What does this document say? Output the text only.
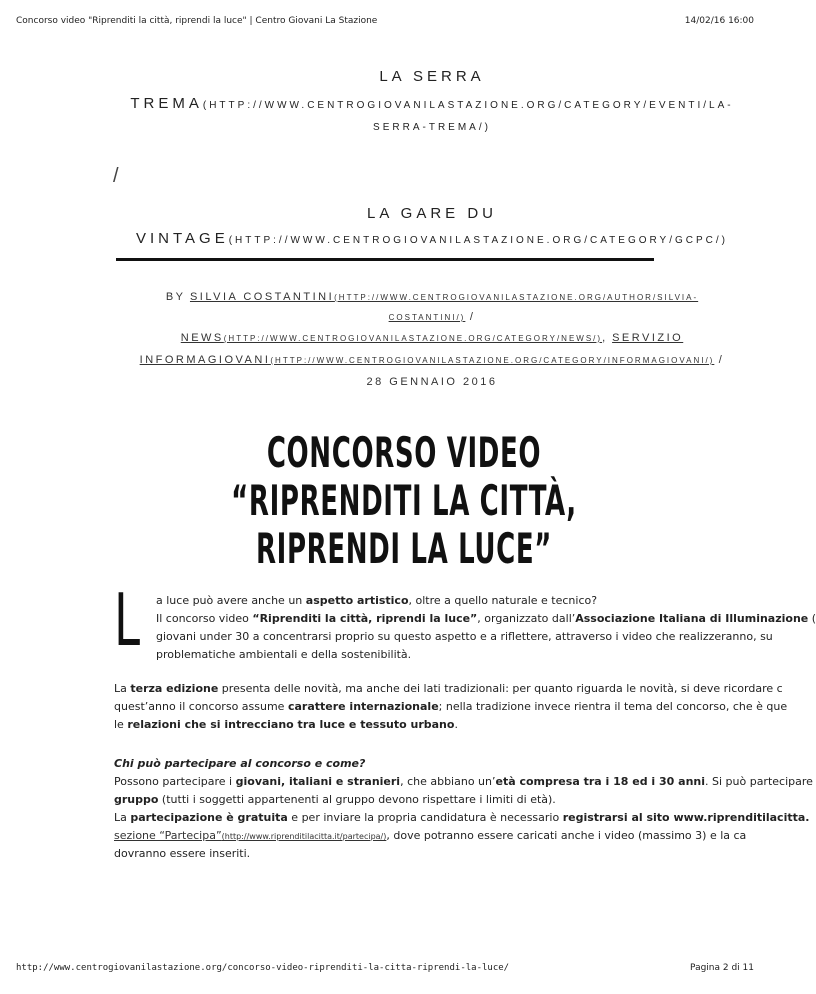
Concorso video "Riprenditi la città, riprendi la luce" | Centro Giovani La Stazione	14/02/16 16:00
LA SERRA
TREMA(HTTP://WWW.CENTROGIOVANILASTAZIONE.ORG/CATEGORY/EVENTI/LA-
SERRA-TREMA/)
/
LA GARE DU
VINTAGE(HTTP://WWW.CENTROGIOVANILASTAZIONE.ORG/CATEGORY/GCPC/)
BY SILVIA COSTANTINI(HTTP://WWW.CENTROGIOVANILASTAZIONE.ORG/AUTHOR/SILVIA-
COSTANTINI/) /
NEWS(HTTP://WWW.CENTROGIOVANILASTAZIONE.ORG/CATEGORY/NEWS/), SERVIZIO
INFORMAGIOVANI(HTTP://WWW.CENTROGIOVANILASTAZIONE.ORG/CATEGORY/INFORMAGIOVANI/) /
28 GENNAIO 2016
CONCORSO VIDEO
“RIPRENDITI LA CITTÀ,
RIPRENDI LA LUCE”
L a luce può avere anche un aspetto artistico, oltre a quello naturale e tecnico?
Il concorso video “Riprenditi la città, riprendi la luce”, organizzato dall’Associazione Italiana di Illuminazione (
giovani under 30 a concentrarsi proprio su questo aspetto e a riflettere, attraverso i video che realizzeranno, su
problematiche ambientali e della sostenibilità.
La terza edizione presenta delle novità, ma anche dei lati tradizionali: per quanto riguarda le novità, si deve ricordare c
quest’anno il concorso assume carattere internazionale; nella tradizione invece rientra il tema del concorso, che è que
le relazioni che si intrecciano tra luce e tessuto urbano.
Chi può partecipare al concorso e come?
Possono partecipare i giovani, italiani e stranieri, che abbiano un’età compresa tra i 18 ed i 30 anni. Si può partecipare
gruppo (tutti i soggetti appartenenti al gruppo devono rispettare i limiti di età).
La partecipazione è gratuita e per inviare la propria candidatura è necessario registrarsi al sito www.riprenditilacitta.
sezione “Partecipa”(http://www.riprenditilacitta.it/partecipa/), dove potranno essere caricati anche i video (massimo 3) e la ca
dovranno essere inseriti.
http://www.centrogiovanilastazione.org/concorso-video-riprenditi-la-citta-riprendi-la-luce/	Pagina 2 di 11
